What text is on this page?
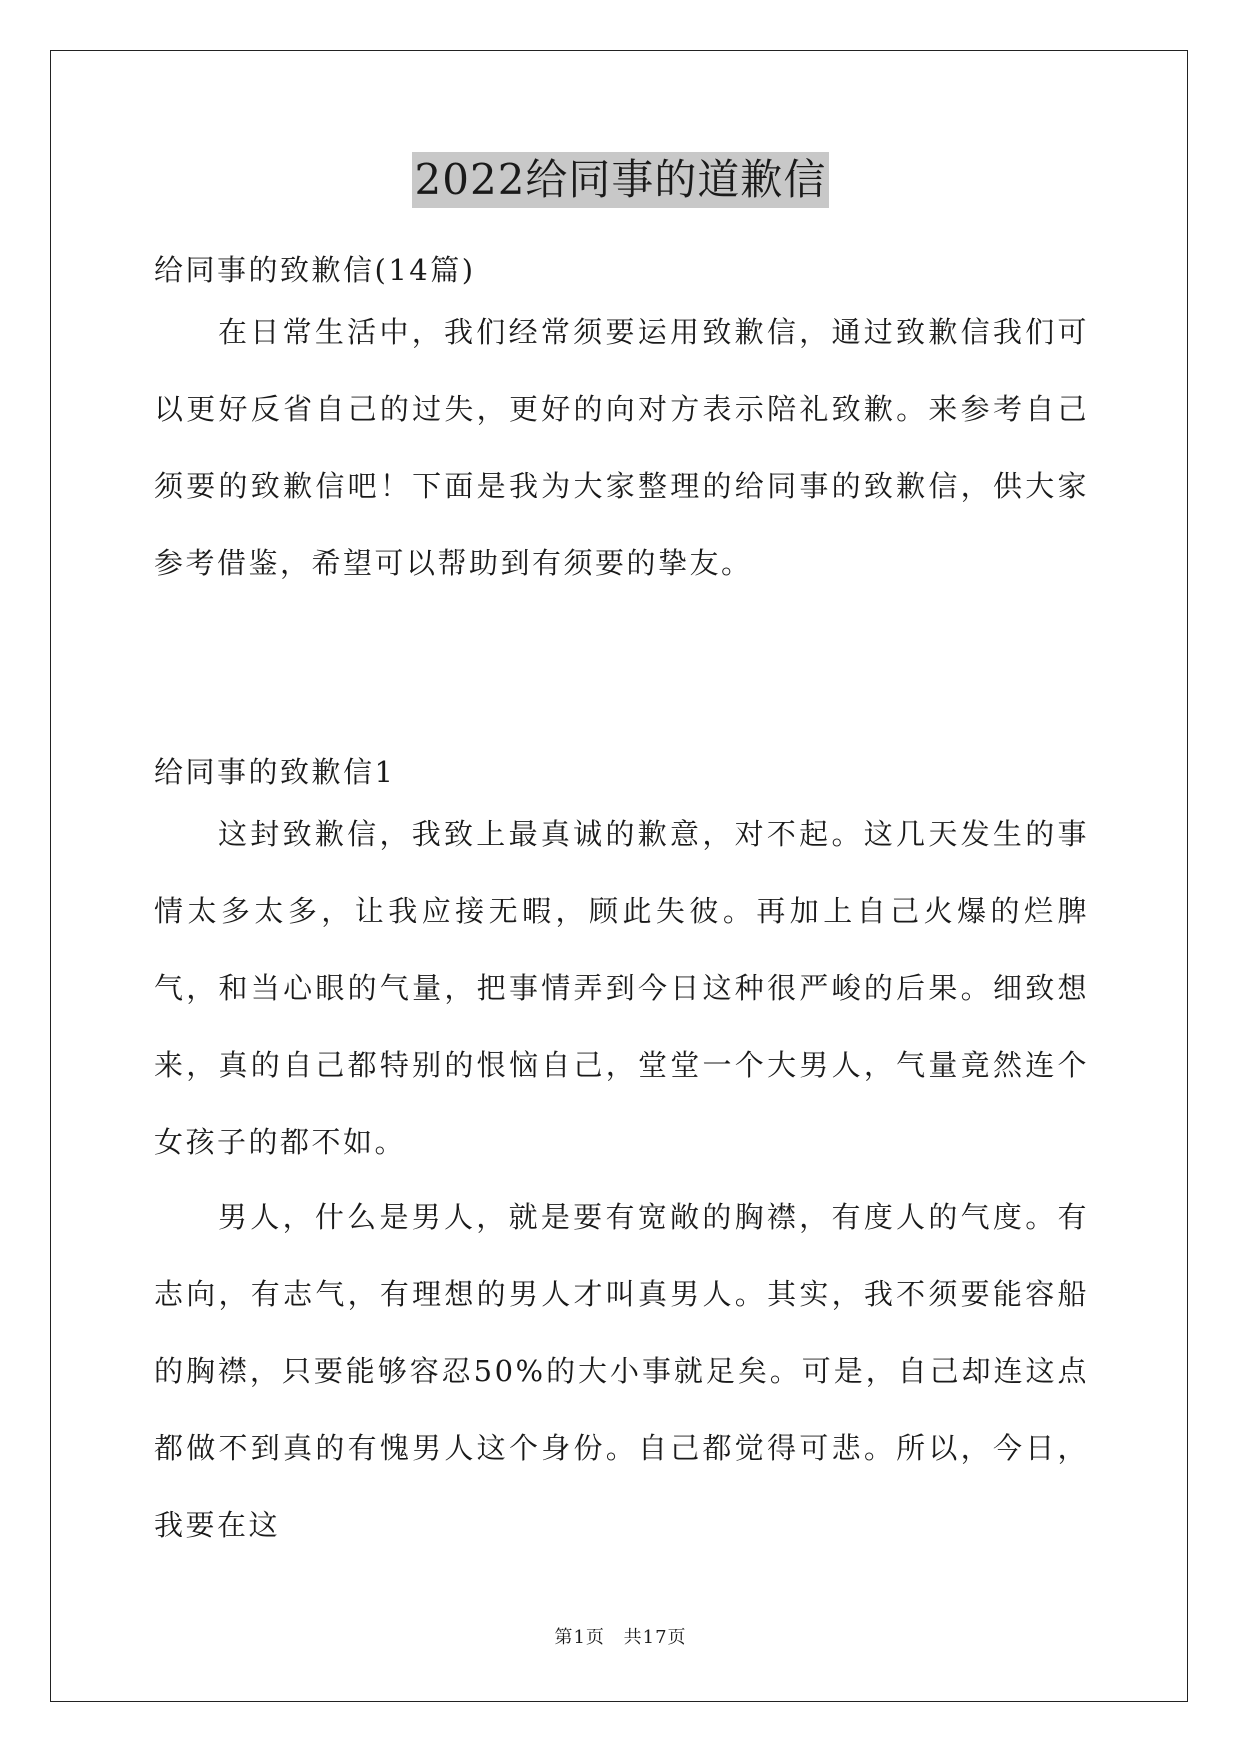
2022给同事的道歉信
给同事的致歉信(14篇)
在日常生活中，我们经常须要运用致歉信，通过致歉信我们可以更好反省自己的过失，更好的向对方表示陪礼致歉。来参考自己须要的致歉信吧！下面是我为大家整理的给同事的致歉信，供大家参考借鉴，希望可以帮助到有须要的挚友。
给同事的致歉信1
这封致歉信，我致上最真诚的歉意，对不起。这几天发生的事情太多太多，让我应接无暇，顾此失彼。再加上自己火爆的烂脾气，和当心眼的气量，把事情弄到今日这种很严峻的后果。细致想来，真的自己都特别的恨恼自己，堂堂一个大男人，气量竟然连个女孩子的都不如。
男人，什么是男人，就是要有宽敞的胸襟，有度人的气度。有志向，有志气，有理想的男人才叫真男人。其实，我不须要能容船的胸襟，只要能够容忍50%的大小事就足矣。可是，自己却连这点都做不到真的有愧男人这个身份。自己都觉得可悲。所以，今日，我要在这
第1页 共17页
